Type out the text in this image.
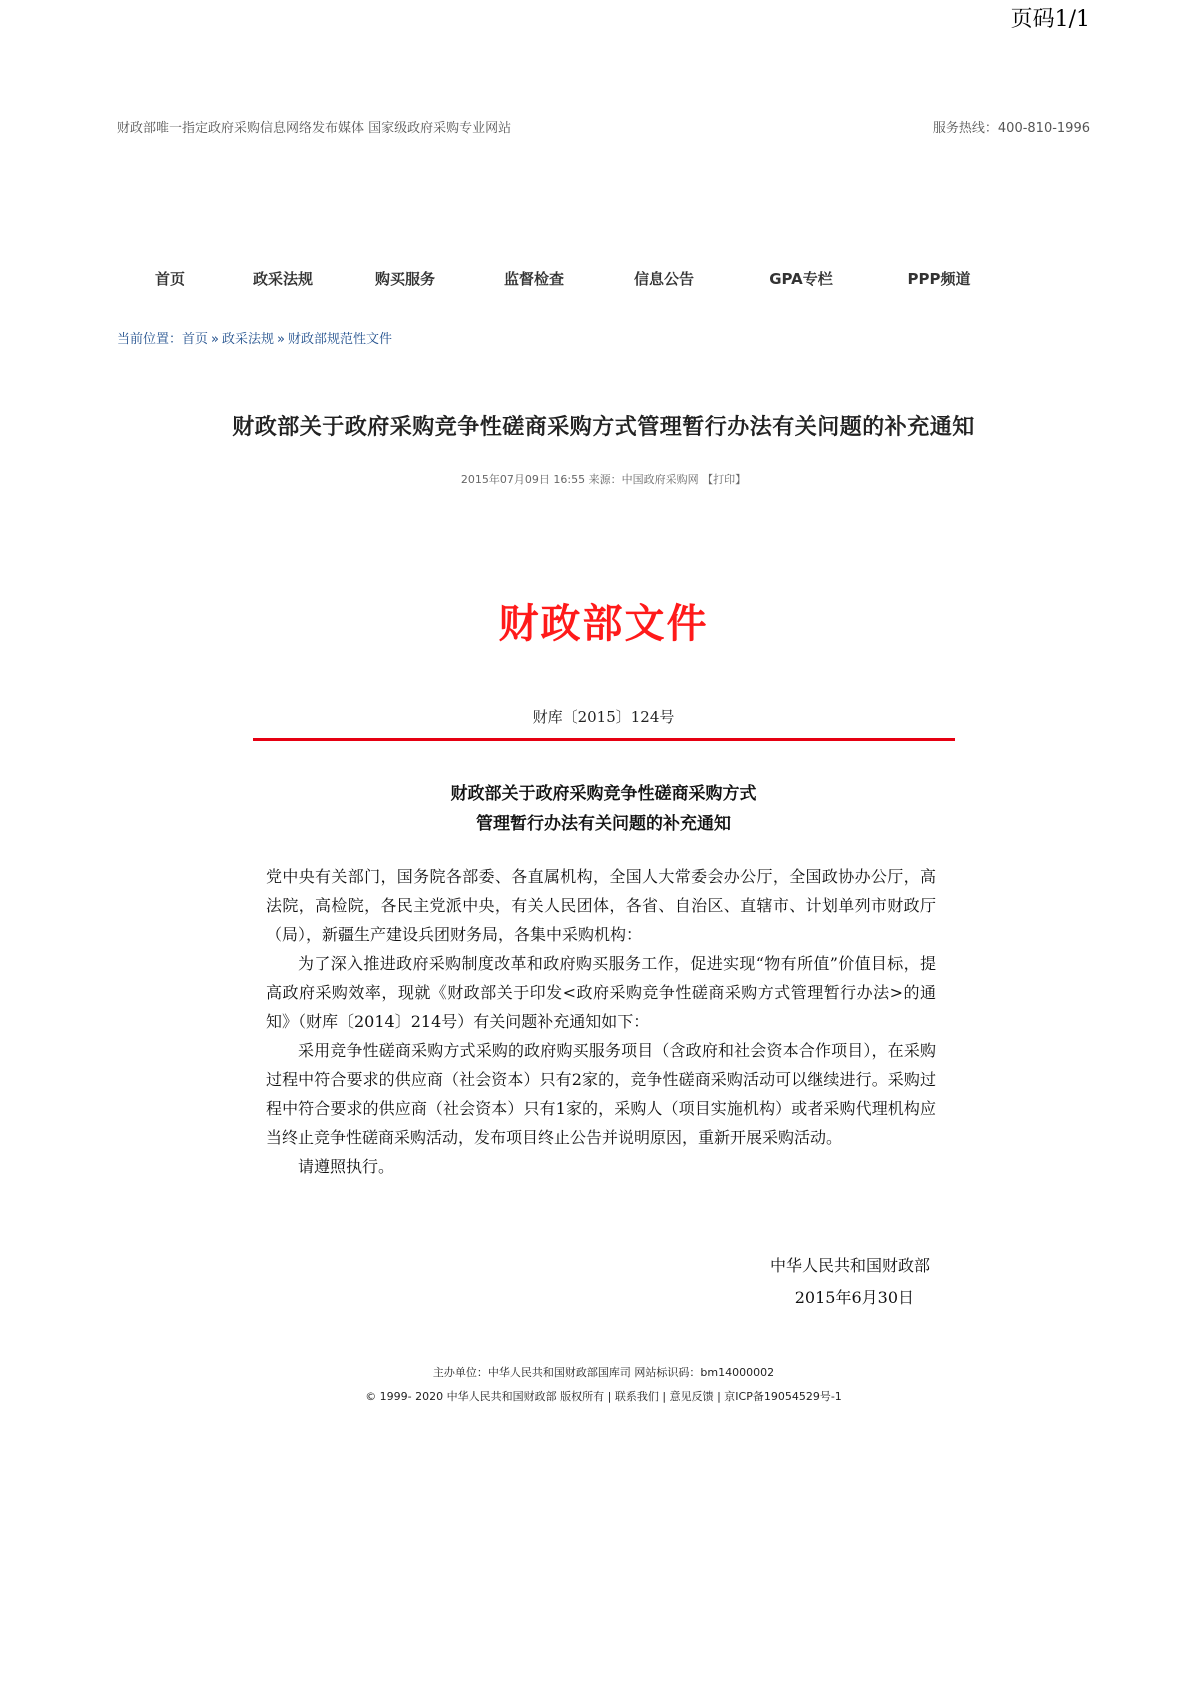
页码1/1
财政部唯一指定政府采购信息网络发布媒体 国家级政府采购专业网站	服务热线：400-810-1996
首页	政采法规	购买服务	监督检查	信息公告	GPA专栏	PPP频道
当前位置：首页 » 政采法规 » 财政部规范性文件
财政部关于政府采购竞争性磋商采购方式管理暂行办法有关问题的补充通知
2015年07月09日 16:55 来源：中国政府采购网 【打印】
财政部文件
财库〔2015〕124号
财政部关于政府采购竞争性磋商采购方式
管理暂行办法有关问题的补充通知

党中央有关部门，国务院各部委、各直属机构，全国人大常委会办公厅，全国政协办公厅，高法院，高检院，各民主党派中央，有关人民团体，各省、自治区、直辖市、计划单列市财政厅（局），新疆生产建设兵团财务局，各集中采购机构：

为了深入推进政府采购制度改革和政府购买服务工作，促进实现“物有所值”价值目标，提高政府采购效率，现就《财政部关于印发<政府采购竞争性磋商采购方式管理暂行办法>的通知》（财库〔2014〕214号）有关问题补充通知如下：

采用竞争性磋商采购方式采购的政府购买服务项目（含政府和社会资本合作项目），在采购过程中符合要求的供应商（社会资本）只有2家的，竞争性磋商采购活动可以继续进行。采购过程中符合要求的供应商（社会资本）只有1家的，采购人（项目实施机构）或者采购代理机构应当终止竞争性磋商采购活动，发布项目终止公告并说明原因，重新开展采购活动。

请遵照执行。

中华人民共和国财政部
2015年6月30日
主办单位：中华人民共和国财政部国库司 网站标识码：bm14000002
© 1999- 2020 中华人民共和国财政部 版权所有 | 联系我们 | 意见反馈 | 京ICP备19054529号-1
